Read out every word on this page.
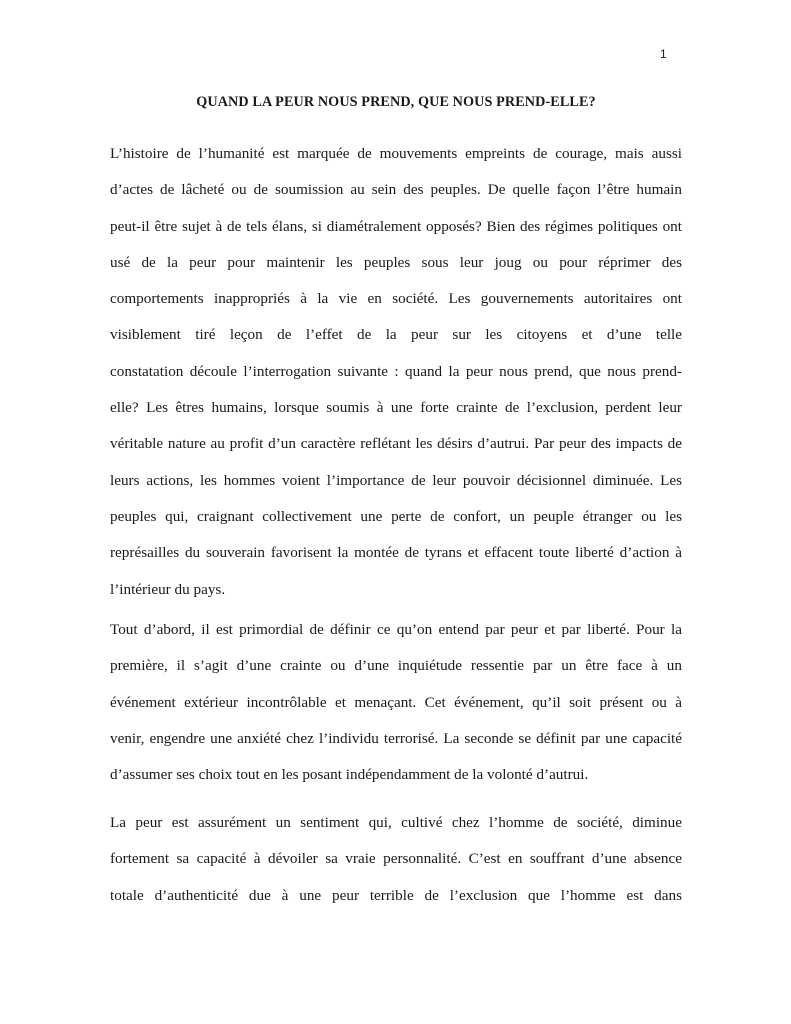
1
QUAND LA PEUR NOUS PREND, QUE NOUS PREND-ELLE?
L’histoire de l’humanité est marquée de mouvements empreints de courage, mais aussi
d’actes de lâcheté ou de soumission au sein des peuples. De quelle façon l’être humain
peut-il être sujet à de tels élans, si diamétralement opposés? Bien des régimes politiques ont
usé de la peur pour maintenir les peuples sous leur joug ou pour réprimer des
comportements inappropriés à la vie en société. Les gouvernements autoritaires ont
visiblement tiré leçon de l’effet de la peur sur les citoyens et d’une telle
constatation découle l’interrogation suivante : quand la peur nous prend, que nous prend-
elle? Les êtres humains, lorsque soumis à une forte crainte de l’exclusion, perdent leur
véritable nature au profit d’un caractère reflétant les désirs d’autrui. Par peur des impacts de
leurs actions, les hommes voient l’importance de leur pouvoir décisionnel diminuée. Les
peuples qui, craignant collectivement une perte de confort, un peuple étranger ou les
représailles du souverain favorisent la montée de tyrans et effacent toute liberté d’action à
l’intérieur du pays.
Tout d’abord, il est primordial de définir ce qu’on entend par peur et par liberté. Pour la
première, il s’agit d’une crainte ou d’une inquiétude ressentie par un être face à un
événement extérieur incontrôlable et menaçant. Cet événement, qu’il soit présent ou à
venir, engendre une anxiété chez l’individu terrorisé. La seconde se définit par une capacité
d’assumer ses choix tout en les posant indépendamment de la volonté d’autrui.
La peur est assurément un sentiment qui, cultivé chez l’homme de société, diminue
fortement sa capacité à dévoiler sa vraie personnalité. C’est en souffrant d’une absence
totale d’authenticité due à une peur terrible de l’exclusion que l’homme est dans
